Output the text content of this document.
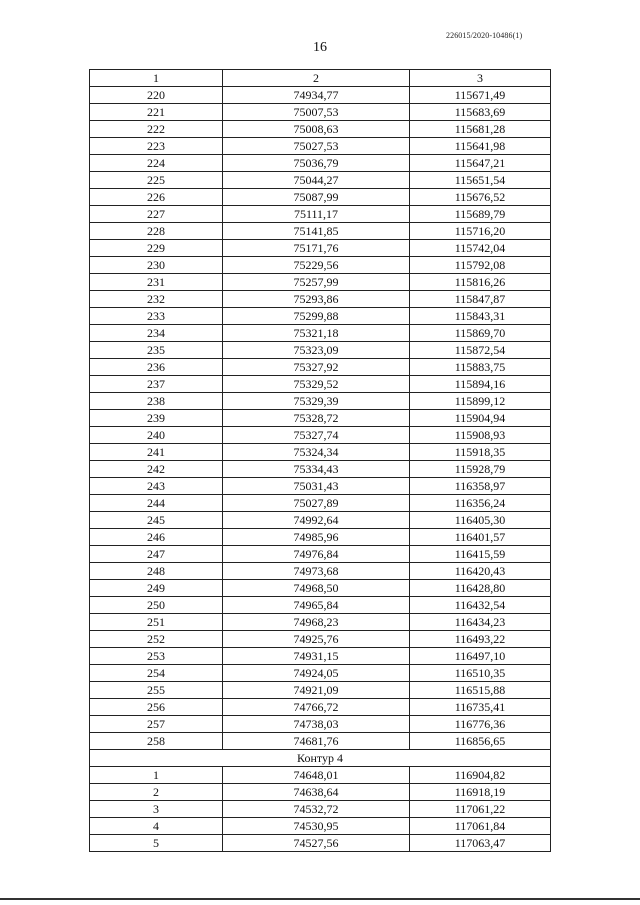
226015/2020-10486(1)
16
1	2	3
220	74934,77	115671,49
221	75007,53	115683,69
222	75008,63	115681,28
223	75027,53	115641,98
224	75036,79	115647,21
225	75044,27	115651,54
226	75087,99	115676,52
227	75111,17	115689,79
228	75141,85	115716,20
229	75171,76	115742,04
230	75229,56	115792,08
231	75257,99	115816,26
232	75293,86	115847,87
233	75299,88	115843,31
234	75321,18	115869,70
235	75323,09	115872,54
236	75327,92	115883,75
237	75329,52	115894,16
238	75329,39	115899,12
239	75328,72	115904,94
240	75327,74	115908,93
241	75324,34	115918,35
242	75334,43	115928,79
243	75031,43	116358,97
244	75027,89	116356,24
245	74992,64	116405,30
246	74985,96	116401,57
247	74976,84	116415,59
248	74973,68	116420,43
249	74968,50	116428,80
250	74965,84	116432,54
251	74968,23	116434,23
252	74925,76	116493,22
253	74931,15	116497,10
254	74924,05	116510,35
255	74921,09	116515,88
256	74766,72	116735,41
257	74738,03	116776,36
258	74681,76	116856,65
Контур 4		
1	74648,01	116904,82
2	74638,64	116918,19
3	74532,72	117061,22
4	74530,95	117061,84
5	74527,56	117063,47
